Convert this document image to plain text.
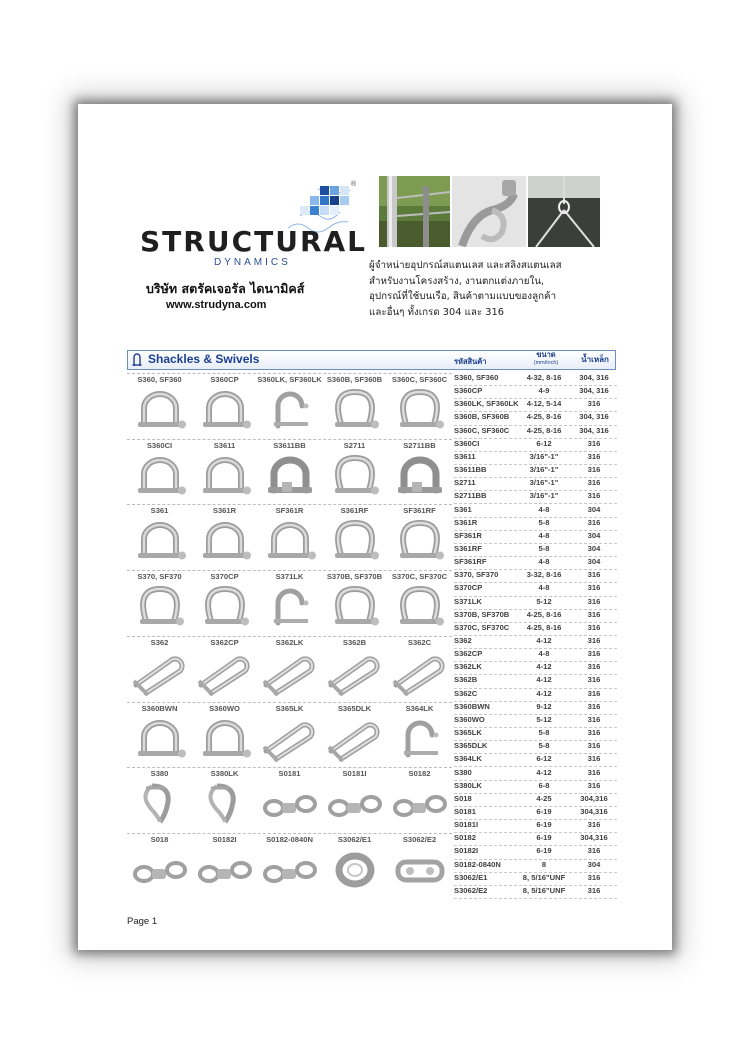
®
STRUCTURAL
DYNAMICS
บริษัท สตรัคเจอรัล ไดนามิคส์
www.strudyna.com
ผู้จำหน่ายอุปกรณ์สแตนเลส และสลิงสแตนเลส
สำหรับงานโครงสร้าง, งานตกแต่งภายใน,
อุปกรณ์ที่ใช้บนเรือ, สินค้าตามแบบของลูกค้า
และอื่นๆ ทั้งเกรด 304 และ 316
Shackles & Swivels	รหัสสินค้า
ขนาด
(mm/inch)	น้ำเหล็ก
S360, SF360	S360CP	S360LK, SF360LK S360B, SF360B	S360C, SF360C
S360CI	S3611	S3611BB	S2711	S2711BB
S361	S361R	SF361R	S361RF	SF361RF
S370, SF370	S370CP	S371LK	S370B, SF370B	S370C, SF370C
S362	S362CP	S362LK	S362B	S362C
S360BWN	S360WO	S365LK	S365DLK	S364LK
S380	S380LK	S0181	S0181I	S0182
S018	S0182I	S0182-0840N	S3062/E1	S3062/E2
S360, SF360	4-32, 8-16	304, 316
S360CP	4-9	304, 316
S360LK, SF360LK	4-12, 5-14	316
S360B, SF360B	4-25, 8-16	304, 316
S360C, SF360C	4-25, 8-16	304, 316
S360CI	6-12	316
S3611	3/16"-1"	316
S3611BB	3/16"-1"	316
S2711	3/16"-1"	316
S2711BB	3/16"-1"	316
S361	4-8	304
S361R	5-8	316
SF361R	4-8	304
S361RF	5-8	304
SF361RF	4-8	304
S370, SF370	3-32, 8-16	316
S370CP	4-8	316
S371LK	5-12	316
S370B, SF370B	4-25, 8-16	316
S370C, SF370C	4-25, 8-16	316
S362	4-12	316
S362CP	4-8	316
S362LK	4-12	316
S362B	4-12	316
S362C	4-12	316
S360BWN	9-12	316
S360WO	5-12	316
S365LK	5-8	316
S365DLK	5-8	316
S364LK	6-12	316
S380	4-12	316
S380LK	6-8	316
S018	4-25	304,316
S0181	6-19	304,316
S0181I	6-19	316
S0182	6-19	304,316
S0182I	6-19	316
S0182-0840N	8	304
S3062/E1	8, 5/16"UNF	316
S3062/E2	8, 5/16"UNF	316
Page 1
